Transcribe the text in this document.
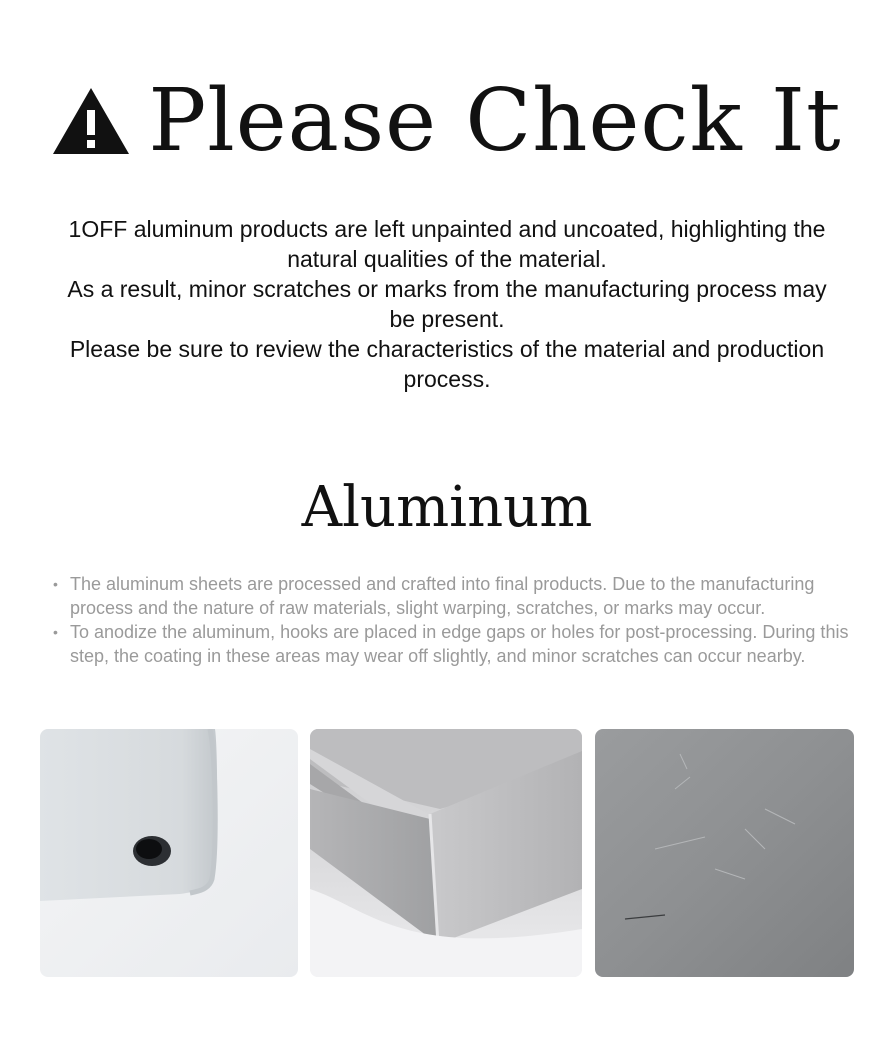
Please Check It

1OFF aluminum products are left unpainted and uncoated, highlighting the natural qualities of the material.

As a result, minor scratches or marks from the manufacturing process may be present.

Please be sure to review the characteristics of the material and production process.

Aluminum
• The aluminum sheets are processed and crafted into final products. Due to the manufacturing process and the nature of raw materials, slight warping, scratches, or marks may occur.
• To anodize the aluminum, hooks are placed in edge gaps or holes for post-processing. During this step, the coating in these areas may wear off slightly, and minor scratches can occur nearby.
